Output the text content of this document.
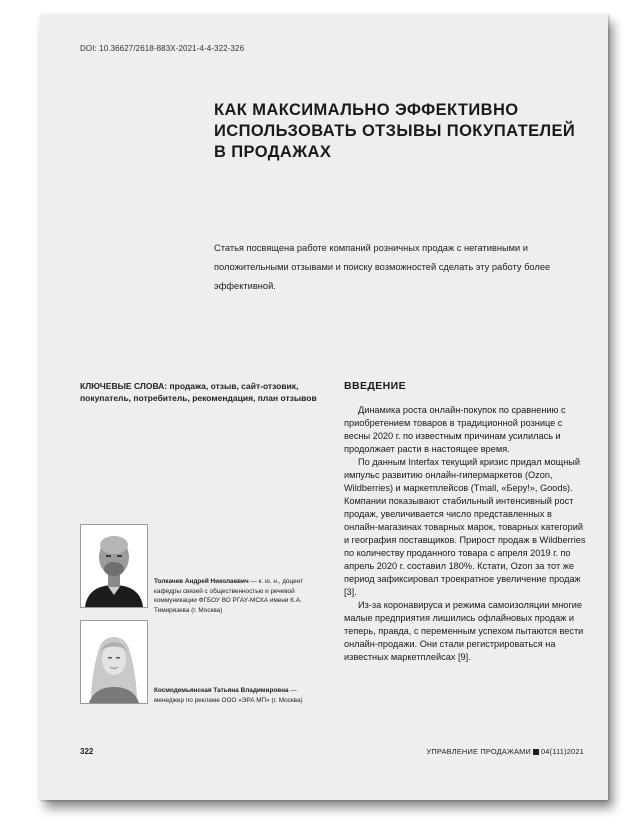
DOI: 10.36627/2618-883X-2021-4-4-322-326
КАК МАКСИМАЛЬНО ЭФФЕКТИВНО ИСПОЛЬЗОВАТЬ ОТЗЫВЫ ПОКУПАТЕЛЕЙ В ПРОДАЖАХ
Статья посвящена работе компаний розничных продаж с негативными и положительными отзывами и поиску возможностей сделать эту работу более эффективной.
КЛЮЧЕВЫЕ СЛОВА: продажа, отзыв, сайт-отзовик, покупатель, потребитель, рекомендация, план отзывов
Толкачев Андрей Николаевич — к. ю. н., доцент кафедры связей с общественностью и речевой коммуникации ФГБОУ ВО РГАУ-МСХА имени К.А. Тимирязева (г. Москва)
Космодемьянская Татьяна Владимировна — менеджер по рекламе ООО «ЭРА МП» (г. Москва)
ВВЕДЕНИЕ

Динамика роста онлайн-покупок по сравнению с приобретением товаров в традиционной рознице с весны 2020 г. по известным причинам усилилась и продолжает расти в настоящее время.

По данным Interfax текущий кризис придал мощный импульс развитию онлайн-гипермаркетов (Ozon, Wildberries) и маркетплейсов (Tmall, «Беру!», Goods). Компании показывают стабильный интенсивный рост продаж, увеличивается число представленных в онлайн-магазинах товарных марок, товарных категорий и география поставщиков. Прирост продаж в Wildberries по количеству проданного товара с апреля 2019 г. по апрель 2020 г. составил 180%. Кстати, Ozon за тот же период зафиксировал троекратное увеличение продаж [3].

Из-за коронавируса и режима самоизоляции многие малые предприятия лишились офлайновых продаж и теперь, правда, с переменным успехом пытаются вести онлайн-продажи. Они стали регистрироваться на известных маркетплейсах [9].

322	УПРАВЛЕНИЕ ПРОДАЖАМИ 04(111)2021
